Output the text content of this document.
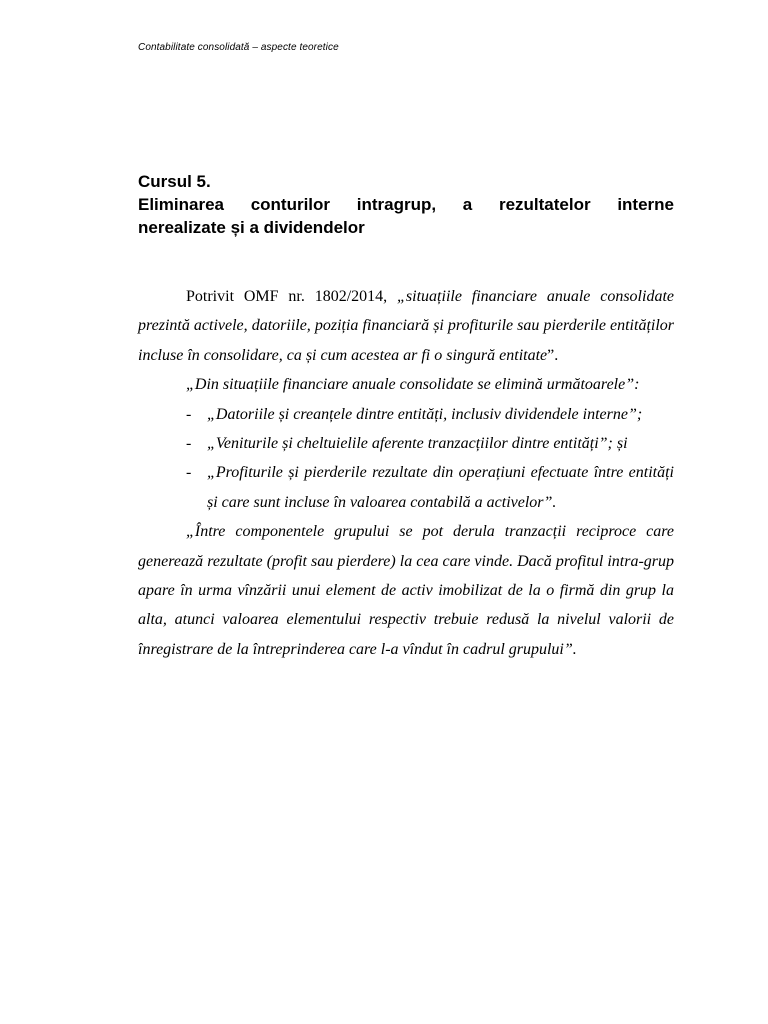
Contabilitate consolidată – aspecte teoretice
Cursul 5.
Eliminarea conturilor intragrup, a rezultatelor interne
nerealizate și a dividendelor

Potrivit OMF nr. 1802/2014, „situațiile financiare anuale consolidate prezintă activele, datoriile, poziția financiară și profiturile sau pierderile entităților incluse în consolidare, ca și cum acestea ar fi o singură entitate”.

„Din situațiile financiare anuale consolidate se elimină următoarele”:

- „Datoriile și creanțele dintre entități, inclusiv dividendele interne”;
- „Veniturile și cheltuielile aferente tranzacțiilor dintre entități”; și
- „Profiturile și pierderile rezultate din operațiuni efectuate între entități și care sunt incluse în valoarea contabilă a activelor”.

„Între componentele grupului se pot derula tranzacții reciproce care generează rezultate (profit sau pierdere) la cea care vinde. Dacă profitul intra-grup apare în urma vînzării unui element de activ imobilizat de la o firmă din grup la alta, atunci valoarea elementului respectiv trebuie redusă la nivelul valorii de înregistrare de la întreprinderea care l-a vîndut în cadrul grupului”.
